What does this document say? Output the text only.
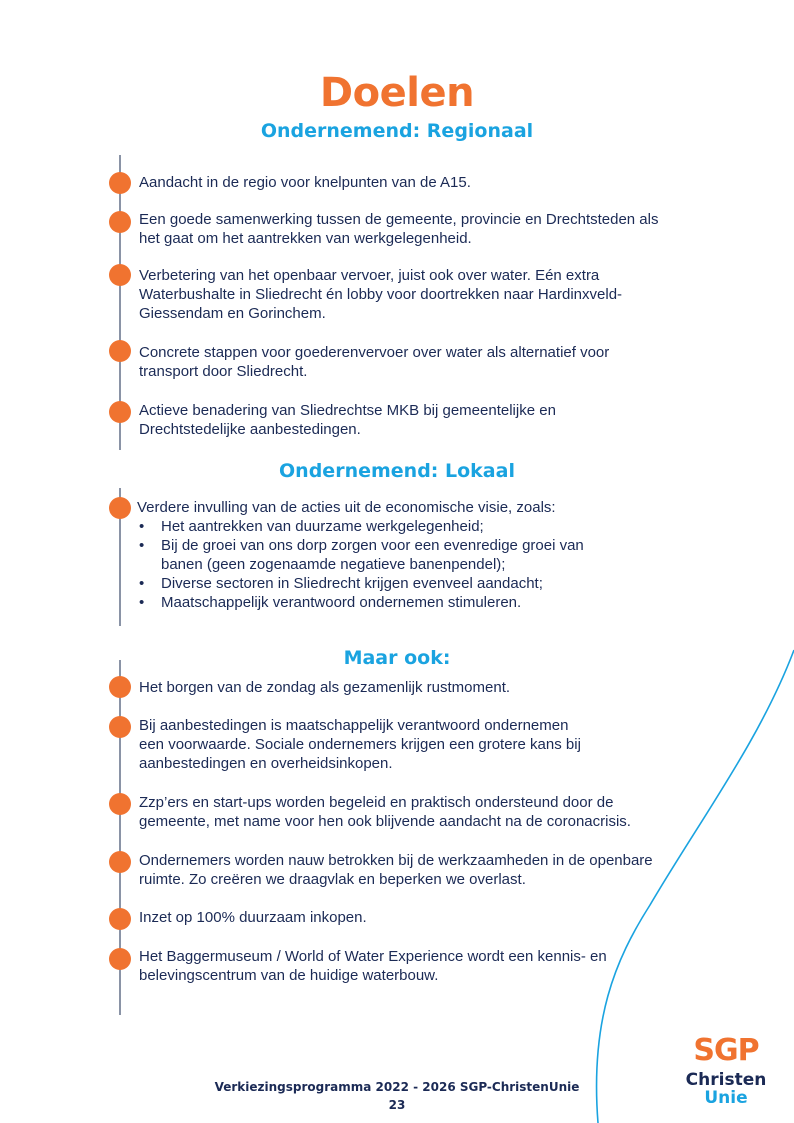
Doelen
Ondernemend: Regionaal

Aandacht in de regio voor knelpunten van de A15.

Een goede samenwerking tussen de gemeente, provincie en Drechtsteden als
het gaat om het aantrekken van werkgelegenheid.

Verbetering van het openbaar vervoer, juist ook over water. Eén extra
Waterbushalte in Sliedrecht én lobby voor doortrekken naar Hardinxveld-
Giessendam en Gorinchem.

Concrete stappen voor goederenvervoer over water als alternatief voor
transport door Sliedrecht.

Actieve benadering van Sliedrechtse MKB bij gemeentelijke en
Drechtstedelijke aanbestedingen.

Ondernemend: Lokaal

Verdere invulling van de acties uit de economische visie, zoals:

• Het aantrekken van duurzame werkgelegenheid;
• Bij de groei van ons dorp zorgen voor een evenredige groei van
banen (geen zogenaamde negatieve banenpendel);
• Diverse sectoren in Sliedrecht krijgen evenveel aandacht;
• Maatschappelijk verantwoord ondernemen stimuleren.
Maar ook:

Het borgen van de zondag als gezamenlijk rustmoment.

Bij aanbestedingen is maatschappelijk verantwoord ondernemen
een voorwaarde. Sociale ondernemers krijgen een grotere kans bij
aanbestedingen en overheidsinkopen.

Zzp’ers en start-ups worden begeleid en praktisch ondersteund door de
gemeente, met name voor hen ook blijvende aandacht na de coronacrisis.

Ondernemers worden nauw betrokken bij de werkzaamheden in de openbare
ruimte. Zo creëren we draagvlak en beperken we overlast.

Inzet op 100% duurzaam inkopen.

Het Baggermuseum / World of Water Experience wordt een kennis- en
belevingscentrum van de huidige waterbouw.

Verkiezingsprogramma 2022 - 2026 SGP-ChristenUnie
23
SGP
Christen
Unie
